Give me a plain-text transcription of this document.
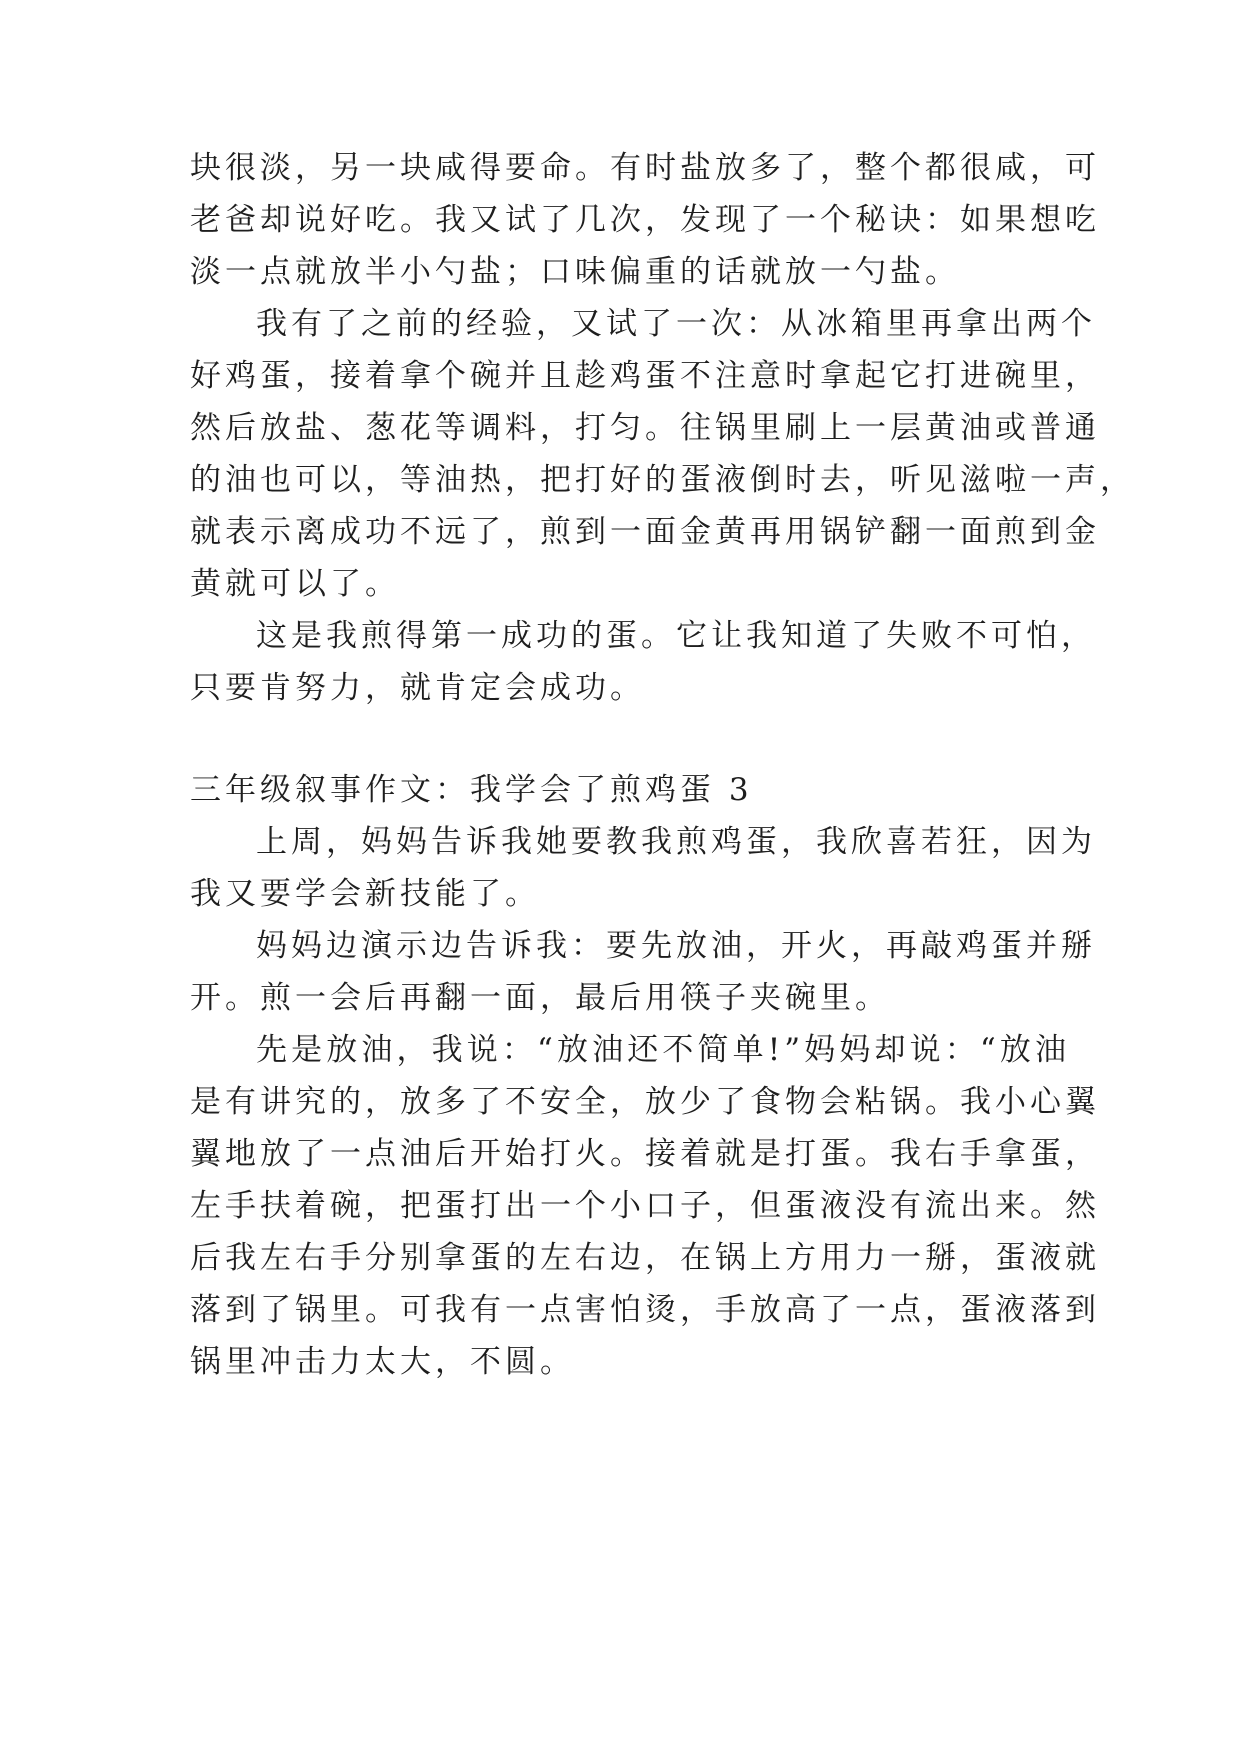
块很淡，另一块咸得要命。有时盐放多了，整个都很咸，可
老爸却说好吃。我又试了几次，发现了一个秘诀：如果想吃
淡一点就放半小勺盐；口味偏重的话就放一勺盐。
我有了之前的经验，又试了一次：从冰箱里再拿出两个
好鸡蛋，接着拿个碗并且趁鸡蛋不注意时拿起它打进碗里，
然后放盐、葱花等调料，打匀。往锅里刷上一层黄油或普通
的油也可以，等油热，把打好的蛋液倒时去，听见滋啦一声，
就表示离成功不远了，煎到一面金黄再用锅铲翻一面煎到金
黄就可以了。
这是我煎得第一成功的蛋。它让我知道了失败不可怕，
只要肯努力，就肯定会成功。
三年级叙事作文：我学会了煎鸡蛋 3
上周，妈妈告诉我她要教我煎鸡蛋，我欣喜若狂，因为
我又要学会新技能了。
妈妈边演示边告诉我：要先放油，开火，再敲鸡蛋并掰
开。煎一会后再翻一面，最后用筷子夹碗里。
先是放油，我说：“放油还不简单!”妈妈却说：“放油
是有讲究的，放多了不安全，放少了食物会粘锅。我小心翼
翼地放了一点油后开始打火。接着就是打蛋。我右手拿蛋，
左手扶着碗，把蛋打出一个小口子，但蛋液没有流出来。然
后我左右手分别拿蛋的左右边，在锅上方用力一掰，蛋液就
落到了锅里。可我有一点害怕烫，手放高了一点，蛋液落到
锅里冲击力太大，不圆。
